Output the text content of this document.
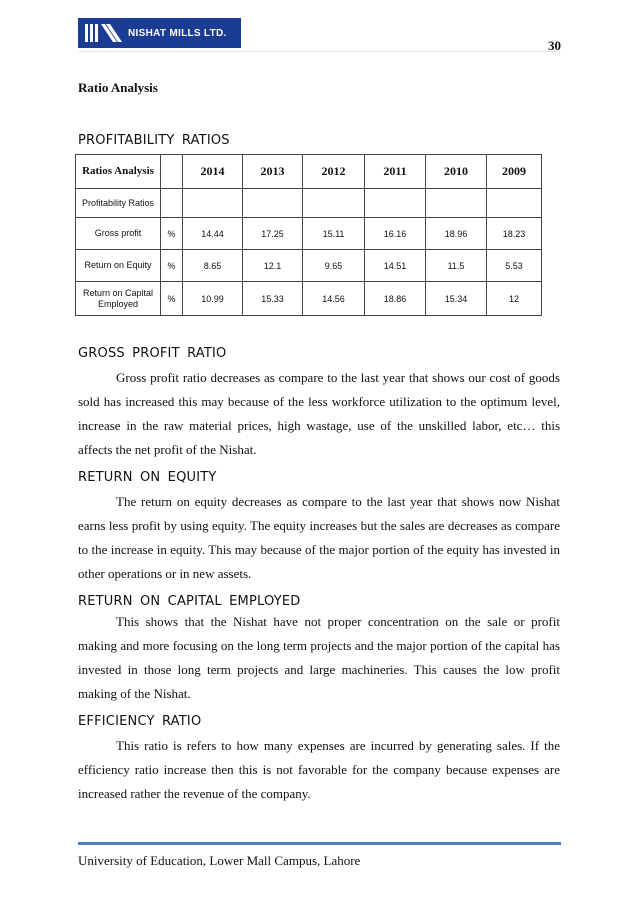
NISHAT MILLS LTD.
30
Ratio Analysis
PROFITABILITY RATIOS
Ratios Analysis		2014	2013	2012	2011	2010	2009
Profitability Ratios							
Gross profit	%	14.44	17.25	15.11	16.16	18.96	18.23
Return on Equity	%	8.65	12.1	9.65	14.51	11.5	5.53
Return on Capital Employed	%	10.99	15.33	14.56	18.86	15.34	12
GROSS PROFIT RATIO

Gross profit ratio decreases as compare to the last year that shows our cost of goods sold has increased this may because of the less workforce utilization to the optimum level, increase in the raw material prices, high wastage, use of the unskilled labor, etc… this affects the net profit of the Nishat.

RETURN ON EQUITY

The return on equity decreases as compare to the last year that shows now Nishat earns less profit by using equity. The equity increases but the sales are decreases as compare to the increase in equity. This may because of the major portion of the equity has invested in other operations or in new assets.

RETURN ON CAPITAL EMPLOYED

This shows that the Nishat have not proper concentration on the sale or profit making and more focusing on the long term projects and the major portion of the capital has invested in those long term projects and large machineries. This causes the low profit making of the Nishat.

EFFICIENCY RATIO

This ratio is refers to how many expenses are incurred by generating sales. If the efficiency ratio increase then this is not favorable for the company because expenses are increased rather the revenue of the company.

University of Education, Lower Mall Campus, Lahore
